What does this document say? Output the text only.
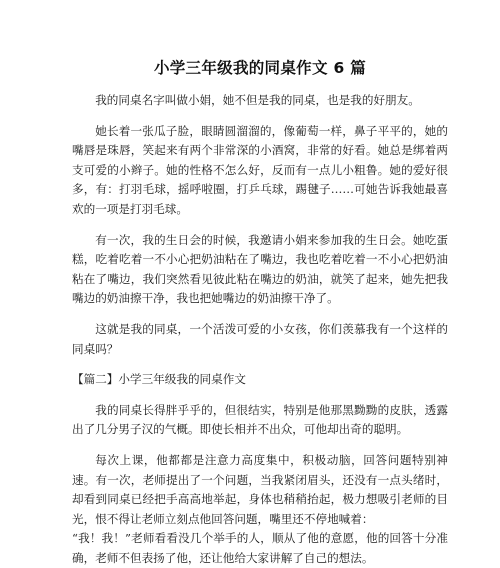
小学三年级我的同桌作文 6 篇

我的同桌名字叫做小娟，她不但是我的同桌，也是我的好朋友。

她长着一张瓜子脸，眼睛圆溜溜的，像葡萄一样，鼻子平平的，她的嘴唇是珠唇，笑起来有两个非常深的小酒窝，非常的好看。她总是绑着两支可爱的小辫子。她的性格不怎么好，反而有一点儿小粗鲁。她的爱好很多，有：打羽毛球，摇呼啦圈，打乒乓球，踢毽子……可她告诉我她最喜欢的一项是打羽毛球。

有一次，我的生日会的时候，我邀请小娟来参加我的生日会。她吃蛋糕，吃着吃着一不小心把奶油粘在了嘴边，我也吃着吃着一不小心把奶油粘在了嘴边，我们突然看见彼此粘在嘴边的奶油，就笑了起来，她先把我嘴边的奶油擦干净，我也把她嘴边的奶油擦干净了。

这就是我的同桌，一个活泼可爱的小女孩，你们羡慕我有一个这样的同桌吗？

【篇二】小学三年级我的同桌作文

我的同桌长得胖乎乎的，但很结实，特别是他那黑黝黝的皮肤，透露出了几分男子汉的气概。即使长相并不出众，可他却出奇的聪明。

每次上课，他都都是注意力高度集中，积极动脑，回答问题特别神速。有一次，老师提出了一个问题，当我紧闭眉头，还没有一点头绪时，却看到同桌已经把手高高地举起，身体也稍稍抬起，极力想吸引老师的目光，恨不得让老师立刻点他回答问题，嘴里还不停地喊着：

“我！我！”老师看看没几个举手的人，顺从了他的意愿，他的回答十分准确，老师不但表扬了他，还让他给大家讲解了自己的想法。
